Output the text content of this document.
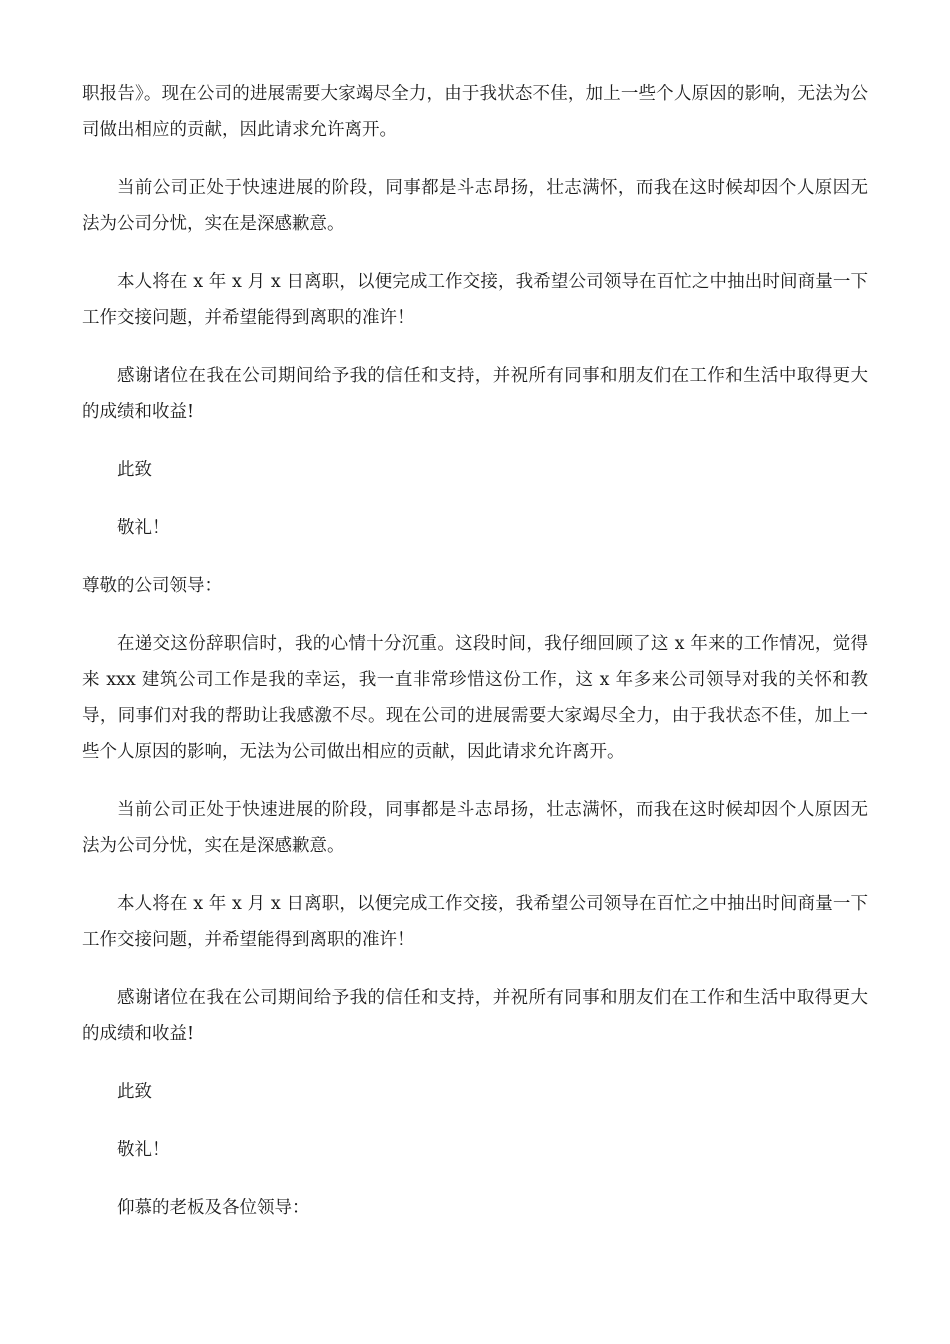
职报告》。现在公司的进展需要大家竭尽全力，由于我状态不佳，加上一些个人原因的影响，无法为公司做出相应的贡献，因此请求允许离开。

当前公司正处于快速进展的阶段，同事都是斗志昂扬，壮志满怀，而我在这时候却因个人原因无法为公司分忧，实在是深感歉意。

本人将在 x 年 x 月 x 日离职，以便完成工作交接，我希望公司领导在百忙之中抽出时间商量一下工作交接问题，并希望能得到离职的准许！

感谢诸位在我在公司期间给予我的信任和支持，并祝所有同事和朋友们在工作和生活中取得更大的成绩和收益!

此致

敬礼！

尊敬的公司领导：

在递交这份辞职信时，我的心情十分沉重。这段时间，我仔细回顾了这 x 年来的工作情况，觉得来 xxx 建筑公司工作是我的幸运，我一直非常珍惜这份工作，这 x 年多来公司领导对我的关怀和教导，同事们对我的帮助让我感激不尽。现在公司的进展需要大家竭尽全力，由于我状态不佳，加上一些个人原因的影响，无法为公司做出相应的贡献，因此请求允许离开。

当前公司正处于快速进展的阶段，同事都是斗志昂扬，壮志满怀，而我在这时候却因个人原因无法为公司分忧，实在是深感歉意。

本人将在 x 年 x 月 x 日离职，以便完成工作交接，我希望公司领导在百忙之中抽出时间商量一下工作交接问题，并希望能得到离职的准许！

感谢诸位在我在公司期间给予我的信任和支持，并祝所有同事和朋友们在工作和生活中取得更大的成绩和收益!

此致

敬礼！

仰慕的老板及各位领导：
